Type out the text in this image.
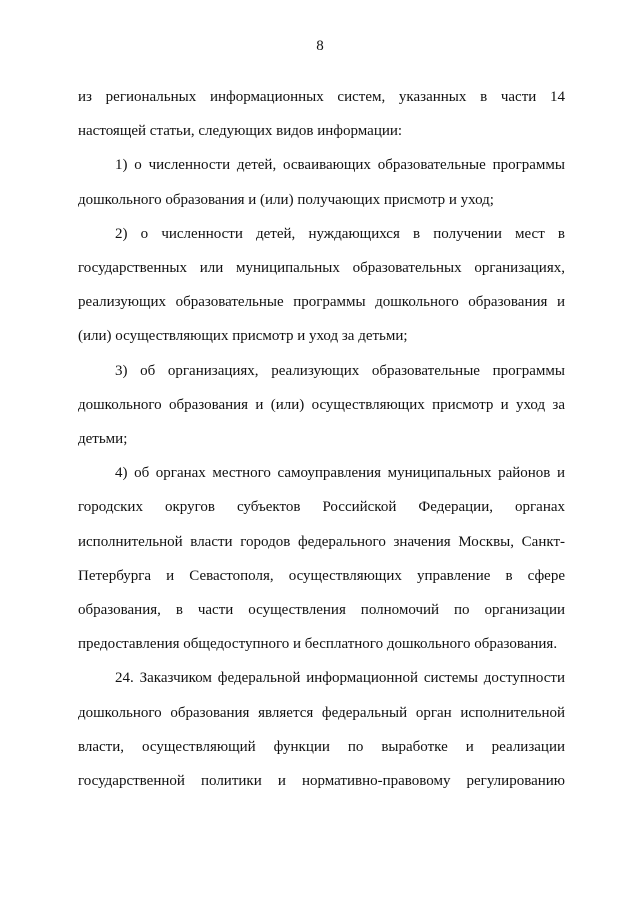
8

из региональных информационных систем, указанных в части 14 настоящей статьи, следующих видов информации:

1) о численности детей, осваивающих образовательные программы дошкольного образования и (или) получающих присмотр и уход;

2) о численности детей, нуждающихся в получении мест в государственных или муниципальных образовательных организациях, реализующих образовательные программы дошкольного образования и (или) осуществляющих присмотр и уход за детьми;

3) об организациях, реализующих образовательные программы дошкольного образования и (или) осуществляющих присмотр и уход за детьми;

4) об органах местного самоуправления муниципальных районов и городских округов субъектов Российской Федерации, органах исполнительной власти городов федерального значения Москвы, Санкт-Петербурга и Севастополя, осуществляющих управление в сфере образования, в части осуществления полномочий по организации предоставления общедоступного и бесплатного дошкольного образования.

24. Заказчиком федеральной информационной системы доступности дошкольного образования является федеральный орган исполнительной власти, осуществляющий функции по выработке и реализации государственной политики и нормативно-правовому регулированию
